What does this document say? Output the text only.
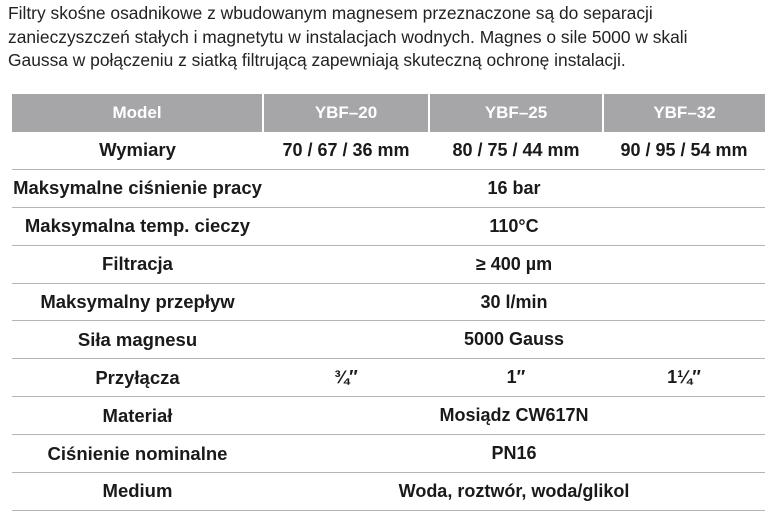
Filtry skośne osadnikowe z wbudowanym magnesem przeznaczone są do separacji
zanieczyszczeń stałych i magnetytu w instalacjach wodnych. Magnes o sile 5000 w skali
Gaussa w połączeniu z siatką filtrującą zapewniają skuteczną ochronę instalacji.
Model	YBF–20	YBF–25	YBF–32
Wymiary	70 / 67 / 36 mm	80 / 75 / 44 mm	90 / 95 / 54 mm
Maksymalne ciśnienie pracy	16 bar		
Maksymalna temp. cieczy	110°C		
Filtracja	≥ 400 µm		
Maksymalny przepływ	30 l/min		
Siła magnesu	5000 Gauss		
Przyłącza	¾″	1″	1¼″
Materiał	Mosiądz CW617N		
Ciśnienie nominalne	PN16		
Medium	Woda, roztwór, woda/glikol		
